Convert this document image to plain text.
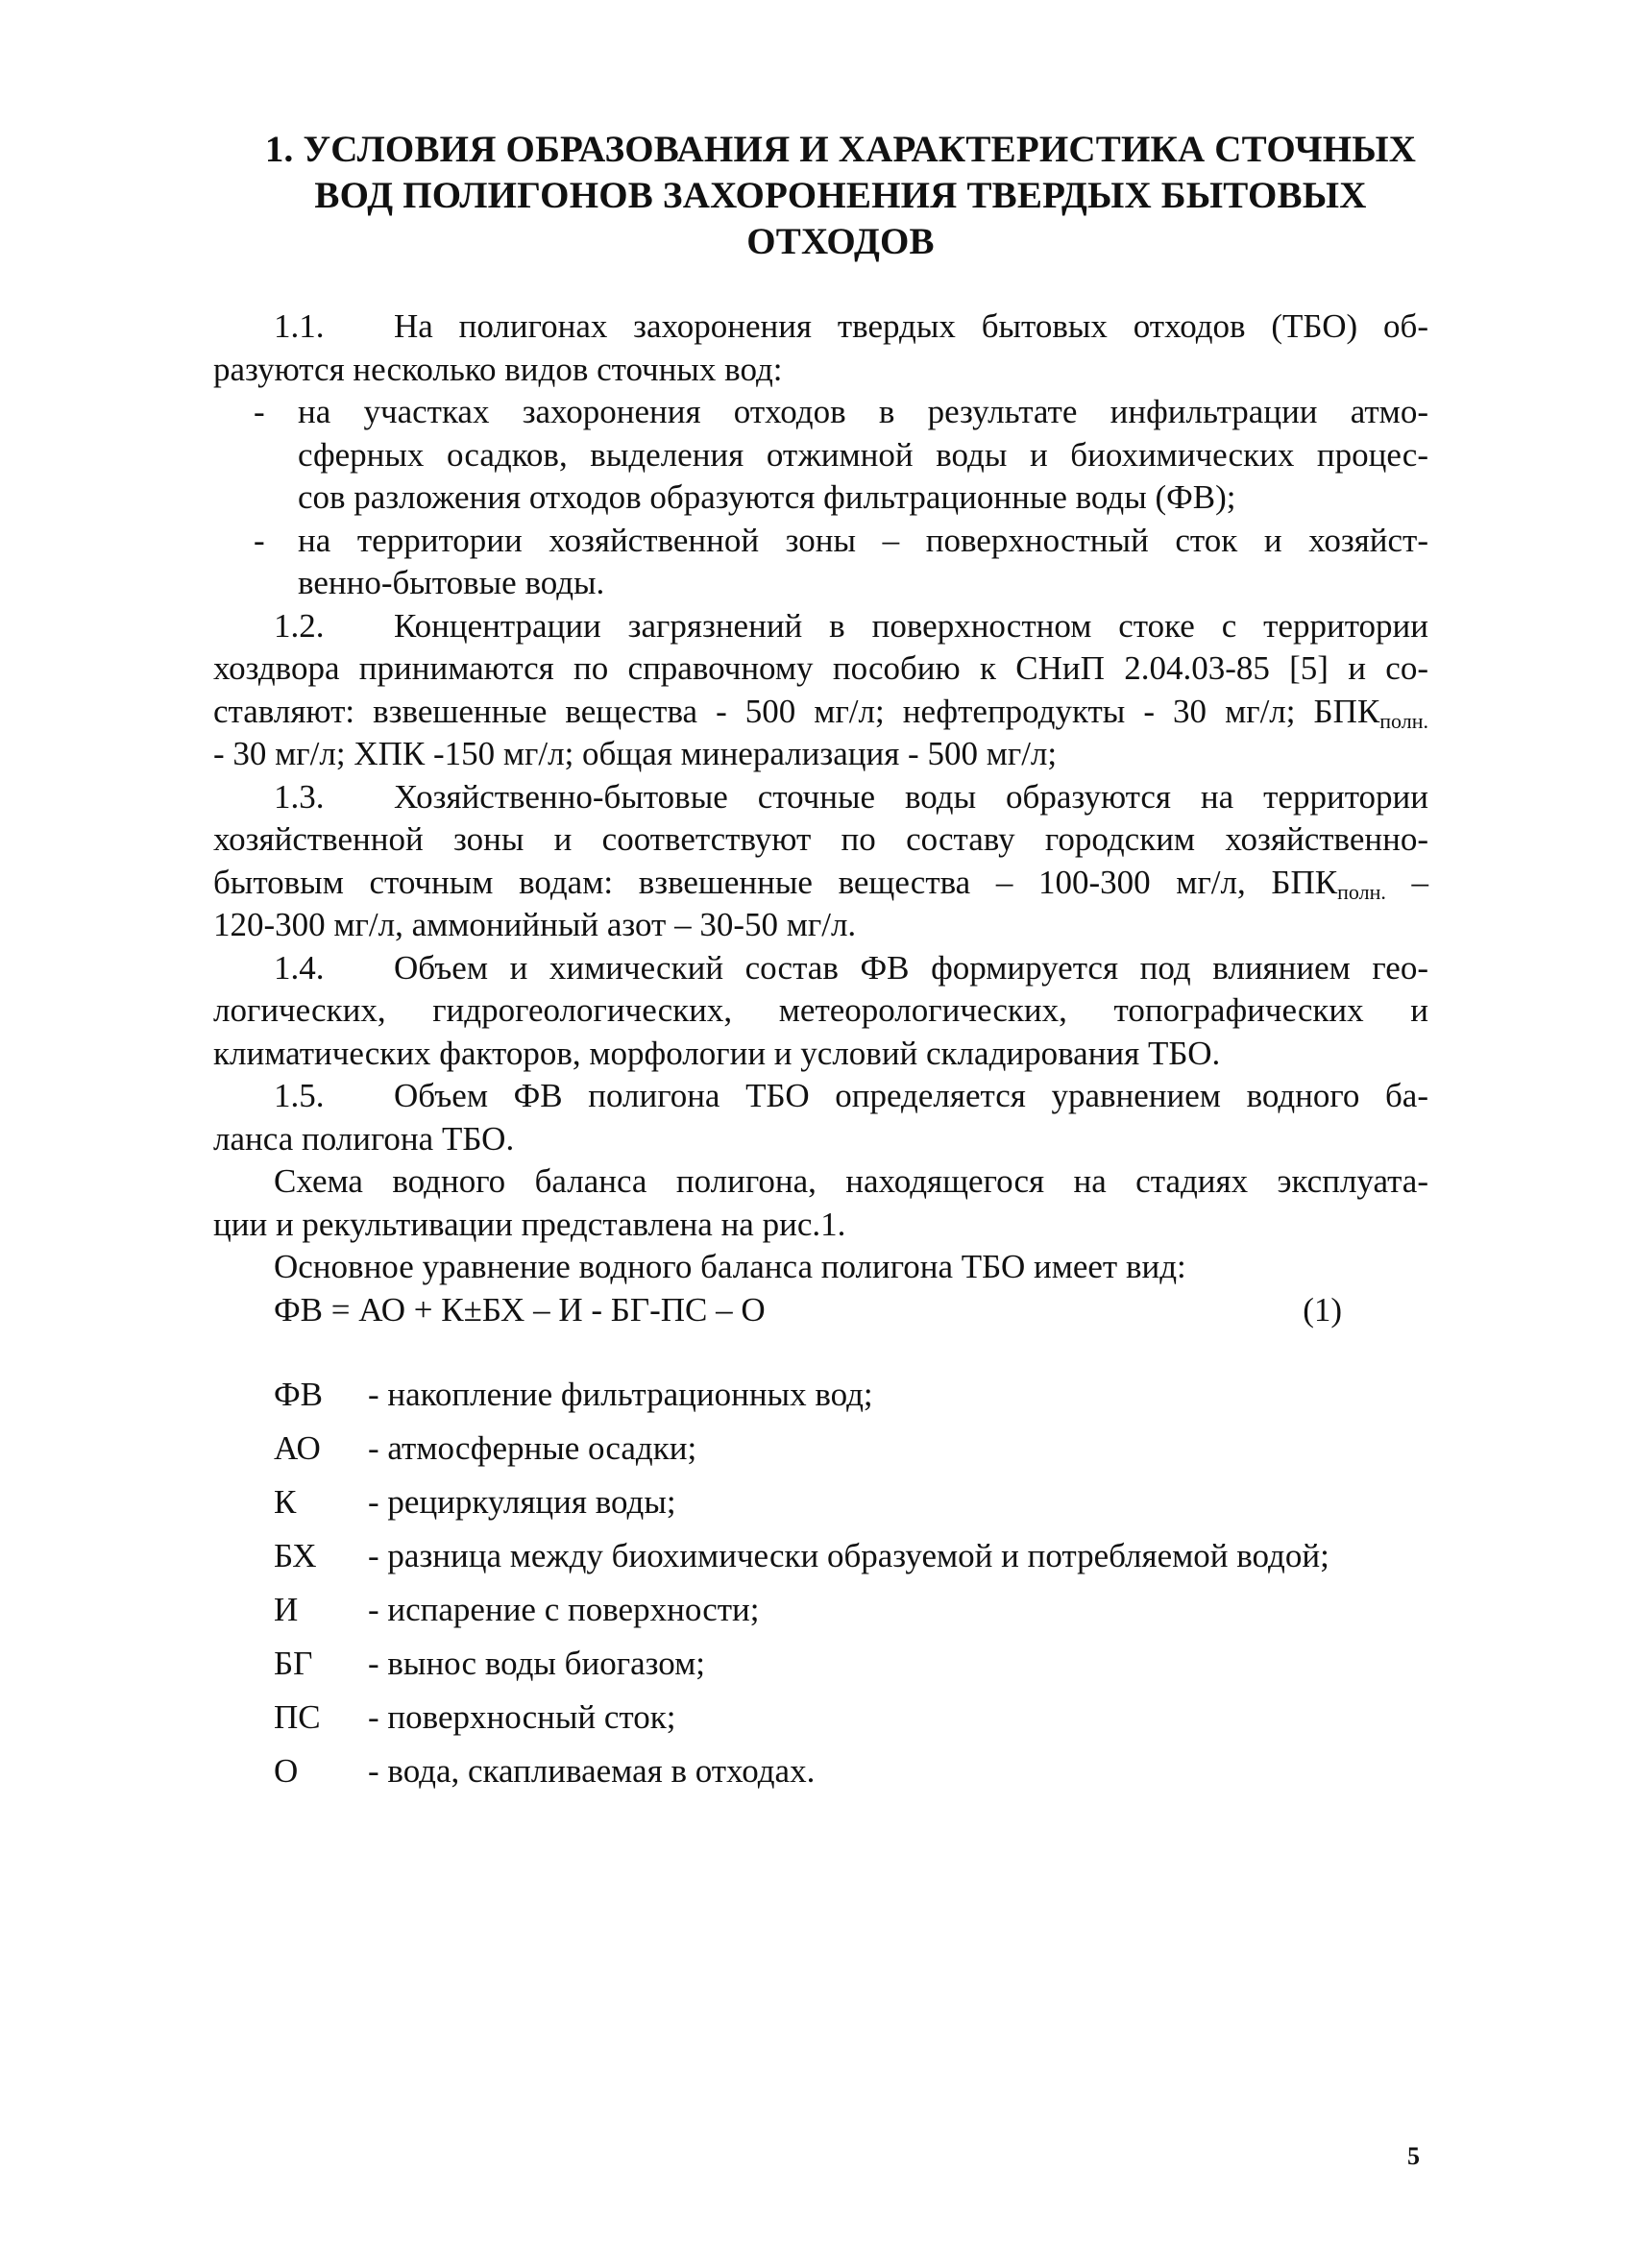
1. УСЛОВИЯ ОБРАЗОВАНИЯ И ХАРАКТЕРИСТИКА СТОЧНЫХ
ВОД ПОЛИГОНОВ ЗАХОРОНЕНИЯ ТВЕРДЫХ БЫТОВЫХ
ОТХОДОВ
1.1. На полигонах захоронения твердых бытовых отходов (ТБО) об-
разуются несколько видов сточных вод:
- на участках захоронения отходов в результате инфильтрации атмо-
сферных осадков, выделения отжимной воды и биохимических процес-
сов разложения отходов образуются фильтрационные воды (ФВ);
- на территории хозяйственной зоны – поверхностный сток и хозяйст-
венно-бытовые воды.
1.2. Концентрации загрязнений в поверхностном стоке с территории
хоздвора принимаются по справочному пособию к СНиП 2.04.03-85 [5] и со-
ставляют: взвешенные вещества - 500 мг/л; нефтепродукты - 30 мг/л; $БПК_{полн.}$
- 30 мг/л; ХПК -150 мг/л; общая минерализация - 500 мг/л;
1.3. Хозяйственно-бытовые сточные воды образуются на территории
хозяйственной зоны и соответствуют по составу городским хозяйственно-
бытовым сточным водам: взвешенные вещества – 100-300 мг/л, $БПК_{полн.}$ –
120-300 мг/л, аммонийный азот – 30-50 мг/л.
1.4. Объем и химический состав ФВ формируется под влиянием гео-
логических, гидрогеологических, метеорологических, топографических и
климатических факторов, морфологии и условий складирования ТБО.
1.5. Объем ФВ полигона ТБО определяется уравнением водного ба-
ланса полигона ТБО.
Схема водного баланса полигона, находящегося на стадиях эксплуата-
ции и рекультивации представлена на рис.1.
Основное уравнение водного баланса полигона ТБО имеет вид:
ФВ = АО + К±БХ – И - БГ-ПС – О	(1)
ФВ	- накопление фильтрационных вод;
АО	- атмосферные осадки;
К	- рециркуляция воды;
БХ	- разница между биохимически образуемой и потребляемой водой;
И	- испарение с поверхности;
БГ	- вынос воды биогазом;
ПС	- поверхносный сток;
О	- вода, скапливаемая в отходах.
5
